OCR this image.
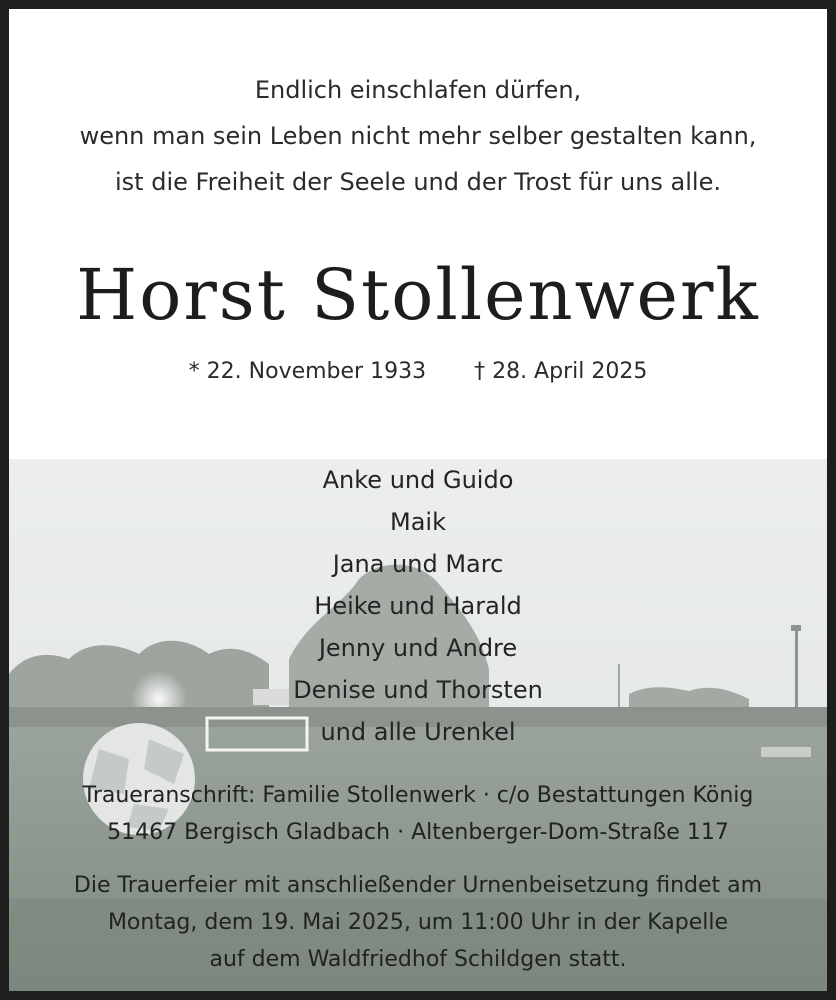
Endlich einschlafen dürfen,
wenn man sein Leben nicht mehr selber gestalten kann,
ist die Freiheit der Seele und der Trost für uns alle.
Horst Stollenwerk
* 22. November 1933 † 28. April 2025
Anke und Guido
Maik
Jana und Marc
Heike und Harald
Jenny und Andre
Denise und Thorsten
und alle Urenkel
Traueranschrift: Familie Stollenwerk · c/o Bestattungen König
51467 Bergisch Gladbach · Altenberger-Dom-Straße 117
Die Trauerfeier mit anschließender Urnenbeisetzung findet am
Montag, dem 19. Mai 2025, um 11:00 Uhr in der Kapelle
auf dem Waldfriedhof Schildgen statt.
